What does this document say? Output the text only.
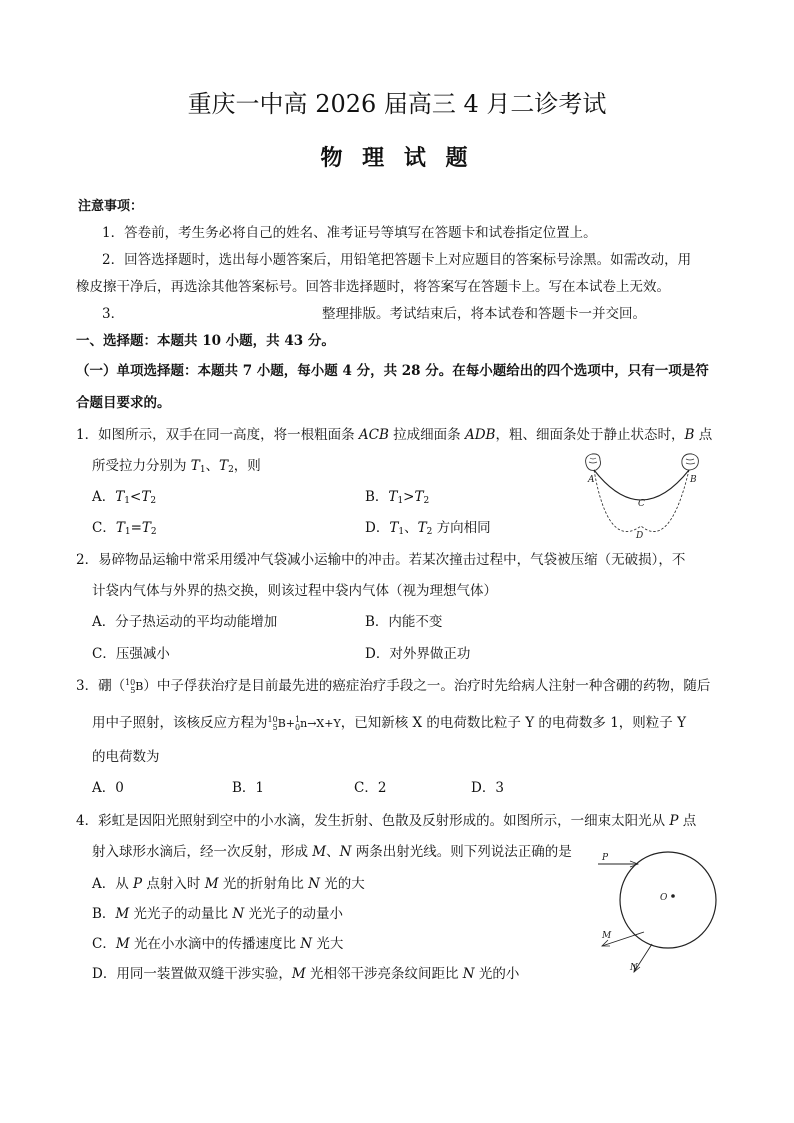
重庆一中高 2026 届高三 4 月二诊考试
物 理 试 题
注意事项：
1．答卷前，考生务必将自己的姓名、准考证号等填写在答题卡和试卷指定位置上。
2．回答选择题时，选出每小题答案后，用铅笔把答题卡上对应题目的答案标号涂黑。如需改动，用
橡皮擦干净后，再选涂其他答案标号。回答非选择题时，将答案写在答题卡上。写在本试卷上无效。
3．	整理排版。考试结束后，将本试卷和答题卡一并交回。
一、选择题：本题共 10 小题，共 43 分。
（一）单项选择题：本题共 7 小题，每小题 4 分，共 28 分。在每小题给出的四个选项中，只有一项是符
合题目要求的。
1．如图所示，双手在同一高度，将一根粗面条 ACB 拉成细面条 ADB，粗、细面条处于静止状态时，B 点
所受拉力分别为 $T_1$、$T_2$，则
A．$T_1<T_2$	B．$T_1>T_2$
C．$T_1=T_2$	D．$T_1$、$T_2$ 方向相同
A	B
C
D
2．易碎物品运输中常采用缓冲气袋减小运输中的冲击。若某次撞击过程中，气袋被压缩（无破损），不
计袋内气体与外界的热交换，则该过程中袋内气体（视为理想气体）
A．分子热运动的平均动能增加	B．内能不变
C．压强减小	D．对外界做正功
3．硼（ 10
5 B）中子俘获治疗是目前最先进的癌症治疗手段之一。治疗时先给病人注射一种含硼的药物，随后
用中子照射，该核反应方程为 10
5 B+ 1
0 n→X+Y，已知新核 X 的电荷数比粒子 Y 的电荷数多 1，则粒子 Y
的电荷数为
A．0	B．1	C．2	D．3
4．彩虹是因阳光照射到空中的小水滴，发生折射、色散及反射形成的。如图所示，一细束太阳光从 P 点
射入球形水滴后，经一次反射，形成 M、N 两条出射光线。则下列说法正确的是
A．从 P 点射入时 M 光的折射角比 N 光的大
B．M 光光子的动量比 N 光光子的动量小
C．M 光在小水滴中的传播速度比 N 光大
D．用同一装置做双缝干涉实验，M 光相邻干涉亮条纹间距比 N 光的小
P
O
M
N
